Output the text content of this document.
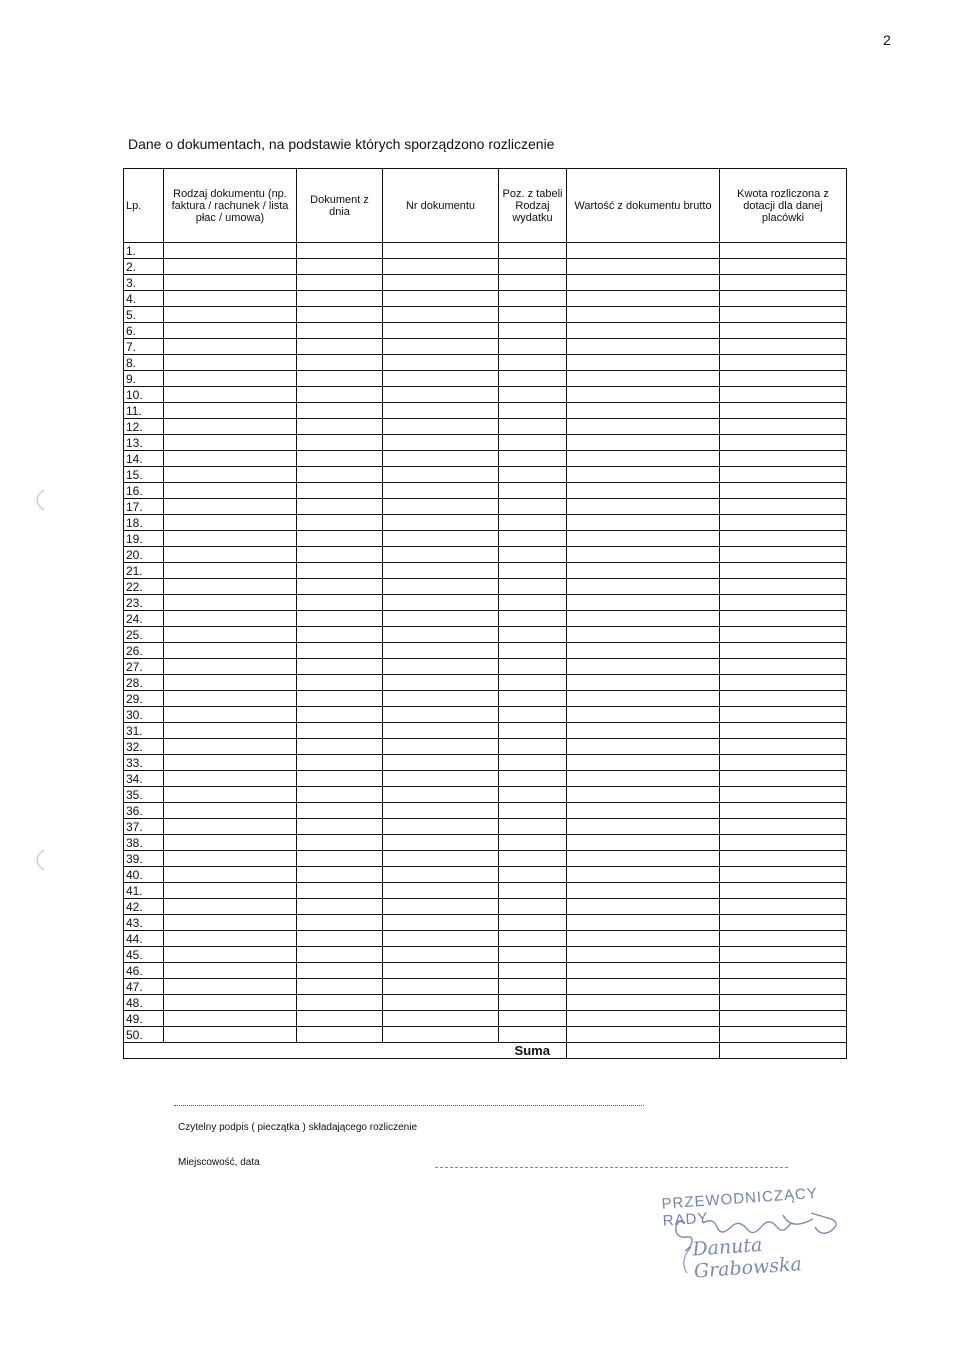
2
Dane o dokumentach, na podstawie których sporządzono rozliczenie
Lp.	Rodzaj dokumentu (np. faktura / rachunek / lista płac / umowa)	Dokument z dnia	Nr dokumentu	Poz. z tabeli Rodzaj wydatku	Wartość z dokumentu brutto	Kwota rozliczona z dotacji dla danej placówki
1.						
2.						
3.						
4.						
5.						
6.						
7.						
8.						
9.						
10.						
11.						
12.						
13.						
14.						
15.						
16.						
17.						
18.						
19.						
20.						
21.						
22.						
23.						
24.						
25.						
26.						
27.						
28.						
29.						
30.						
31.						
32.						
33.						
34.						
35.						
36.						
37.						
38.						
39.						
40.						
41.						
42.						
43.						
44.						
45.						
46.						
47.						
48.						
49.						
50.						
				Suma		
Czytelny podpis ( pieczątka ) składającego rozliczenie
Miejscowość, data
PRZEWODNICZĄCY RADY
Danuta Grabowska
